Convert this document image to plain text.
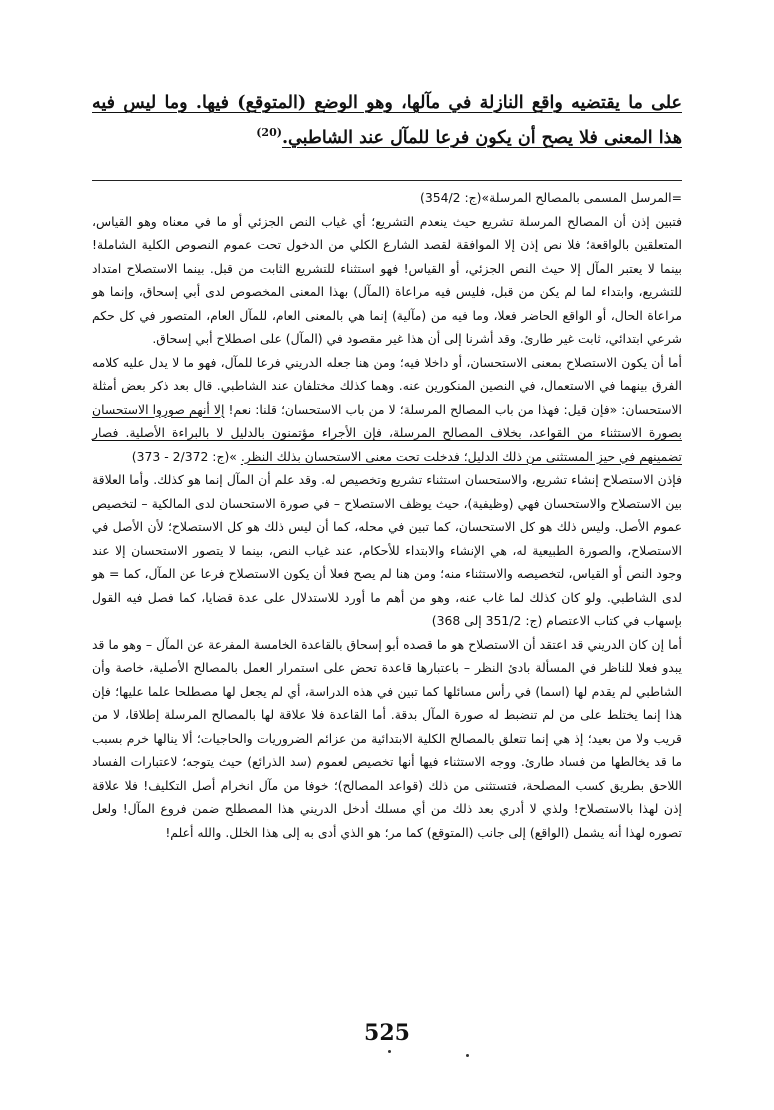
على ما يقتضيه واقع النازلة في مآلها، وهو الوضع (المتوقع) فيها. وما ليس فيه هذا المعنى فلا يصح أن يكون فرعا للمآل عند الشاطبي.$^{(20)}$

=المرسل المسمى بالمصالح المرسلة»(ج: 354/2)

فتبين إذن أن المصالح المرسلة تشريع حيث ينعدم التشريع؛ أي غياب النص الجزئي أو ما في معناه وهو القياس، المتعلقين بالواقعة؛ فلا نص إذن إلا الموافقة لقصد الشارع الكلي من الدخول تحت عموم النصوص الكلية الشاملة! بينما لا يعتبر المآل إلا حيث النص الجزئي، أو القياس! فهو استثناء للتشريع الثابت من قبل. بينما الاستصلاح امتداد للتشريع، وابتداء لما لم يكن من قبل، فليس فيه مراعاة (المآل) بهذا المعنى المخصوص لدى أبي إسحاق، وإنما هو مراعاة الحال، أو الواقع الحاضر فعلا، وما فيه من (مآلية) إنما هي بالمعنى العام، للمآل العام، المتصور في كل حكم شرعي ابتدائي، ثابت غير طارئ. وقد أشرنا إلى أن هذا غير مقصود في (المآل) على اصطلاح أبي إسحاق.

أما أن يكون الاستصلاح بمعنى الاستحسان، أو داخلا فيه؛ ومن هنا جعله الدريني فرعا للمآل، فهو ما لا يدل عليه كلامه الفرق بينهما في الاستعمال، في النصين المنكورين عنه. وهما كذلك مختلفان عند الشاطبي. قال بعد ذكر بعض أمثلة الاستحسان: «فإن قيل: فهذا من باب المصالح المرسلة؛ لا من باب الاستحسان؛ قلنا: نعم! إلا أنهم صوروا الاستحسان بصورة الاستثناء من القواعد، بخلاف المصالح المرسلة، فإن الأجراء مؤتمنون بالدليل لا بالبراءة الأصلية. فصار تضمينهم في حيز المستثنى من ذلك الدليل؛ فدخلت تحت معنى الاستحسان بذلك النظر. »(ج: 2/372 - 373)

فإذن الاستصلاح إنشاء تشريع، والاستحسان استثناء تشريع وتخصيص له. وقد علم أن المآل إنما هو كذلك. وأما العلاقة بين الاستصلاح والاستحسان فهي (وظيفية)، حيث يوظف الاستصلاح – في صورة الاستحسان لدى المالكية – لتخصيص عموم الأصل. وليس ذلك هو كل الاستحسان، كما تبين في محله، كما أن ليس ذلك هو كل الاستصلاح؛ لأن الأصل في الاستصلاح، والصورة الطبيعية له، هي الإنشاء والابتداء للأحكام، عند غياب النص، بينما لا يتصور الاستحسان إلا عند وجود النص أو القياس، لتخصيصه والاستثناء منه؛ ومن هنا لم يصح فعلا أن يكون الاستصلاح فرعا عن المآل، كما = هو لدى الشاطبي. ولو كان كذلك لما غاب عنه، وهو من أهم ما أورد للاستدلال على عدة قضايا، كما فصل فيه القول بإسهاب في كتاب الاعتصام (ج: 351/2 إلى 368)

أما إن كان الدريني قد اعتقد أن الاستصلاح هو ما قصده أبو إسحاق بالقاعدة الخامسة المفرعة عن المآل – وهو ما قد يبدو فعلا للناظر في المسألة بادئ النظر – باعتبارها قاعدة تحض على استمرار العمل بالمصالح الأصلية، خاصة وأن الشاطبي لم يقدم لها (اسما) في رأس مسائلها كما تبين في هذه الدراسة، أي لم يجعل لها مصطلحا علما عليها؛ فإن هذا إنما يختلط على من لم تنضبط له صورة المآل بدقة. أما القاعدة فلا علاقة لها بالمصالح المرسلة إطلاقا، لا من قريب ولا من بعيد؛ إذ هي إنما تتعلق بالمصالح الكلية الابتدائية من عزائم الضروريات والحاجيات؛ ألا ينالها خرم بسبب ما قد يخالطها من فساد طارئ. ووجه الاستثناء فيها أنها تخصيص لعموم (سد الذرائع) حيث يتوجه؛ لاعتبارات الفساد اللاحق بطريق كسب المصلحة، فتستثنى من ذلك (قواعد المصالح)؛ خوفا من مآل انخرام أصل التكليف! فلا علاقة إذن لهذا بالاستصلاح! ولذي لا أدري بعد ذلك من أي مسلك أدخل الدريني هذا المصطلح ضمن فروع المآل! ولعل تصوره لهذا أنه يشمل (الواقع) إلى جانب (المتوقع) كما مر؛ هو الذي أدى به إلى هذا الخلل. والله أعلم!

525
